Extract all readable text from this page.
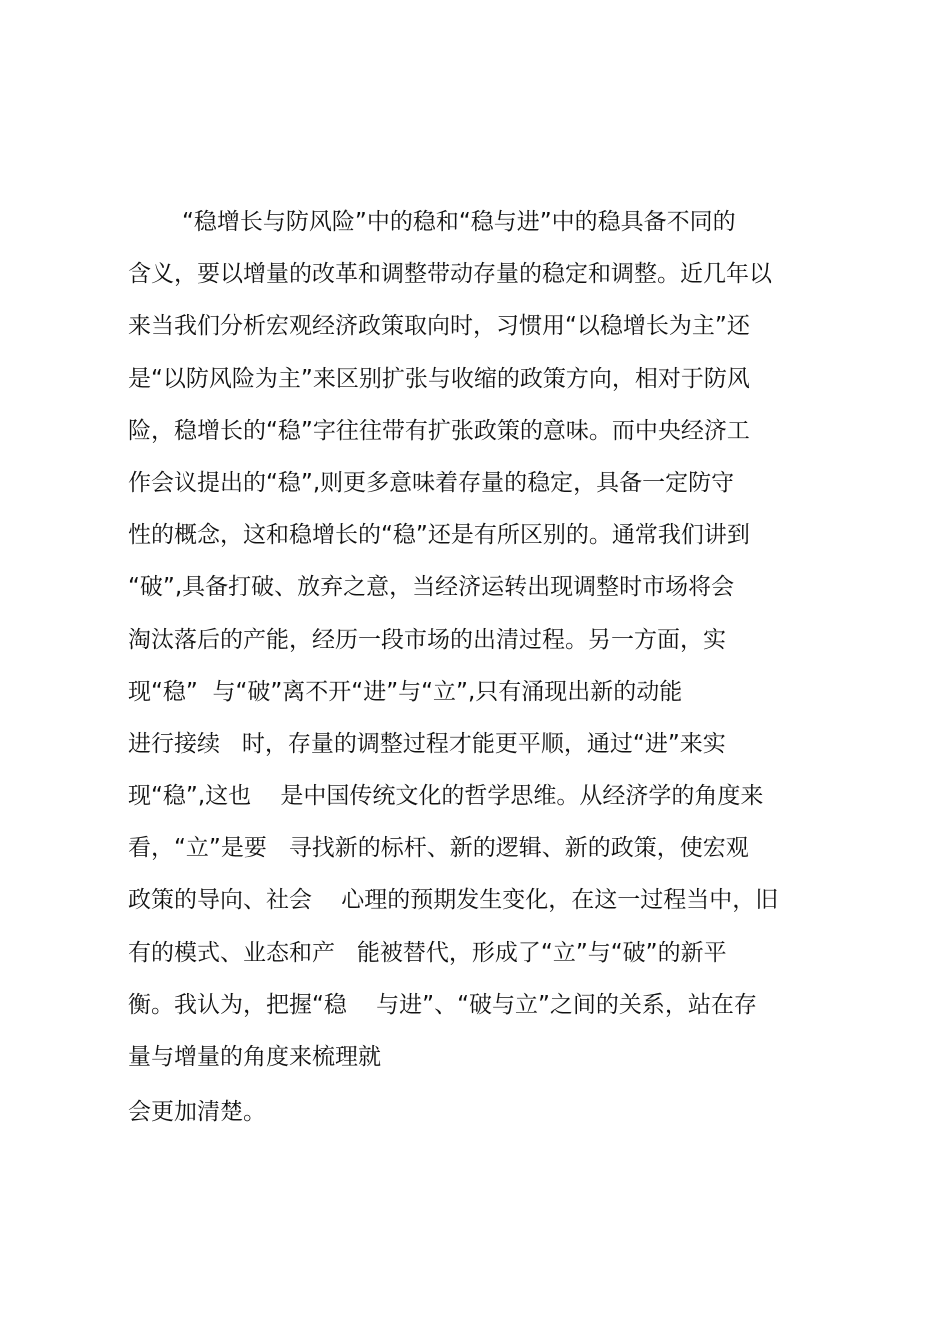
“稳增长与防风险”中的稳和“稳与进”中的稳具备不同的
含义，要以增量的改革和调整带动存量的稳定和调整。近几年以
来当我们分析宏观经济政策取向时，习惯用“以稳增长为主”还
是“以防风险为主”来区别扩张与收缩的政策方向，相对于防风
险，稳增长的“稳”字往往带有扩张政策的意味。而中央经济工
作会议提出的“稳”,则更多意味着存量的稳定，具备一定防守
性的概念，这和稳增长的“稳”还是有所区别的。通常我们讲到
“破”,具备打破、放弃之意，当经济运转出现调整时市场将会
淘汰落后的产能，经历一段市场的出清过程。另一方面，实
现“稳”  与“破”离不开“进”与“立”,只有涌现出新的动能
进行接续   时，存量的调整过程才能更平顺，通过“进”来实
现“稳”,这也    是中国传统文化的哲学思维。从经济学的角度来
看，“立”是要   寻找新的标杆、新的逻辑、新的政策，使宏观
政策的导向、社会    心理的预期发生变化，在这一过程当中，旧
有的模式、业态和产   能被替代，形成了“立”与“破”的新平
衡。我认为，把握“稳    与进”、“破与立”之间的关系，站在存
量与增量的角度来梳理就
会更加清楚。
